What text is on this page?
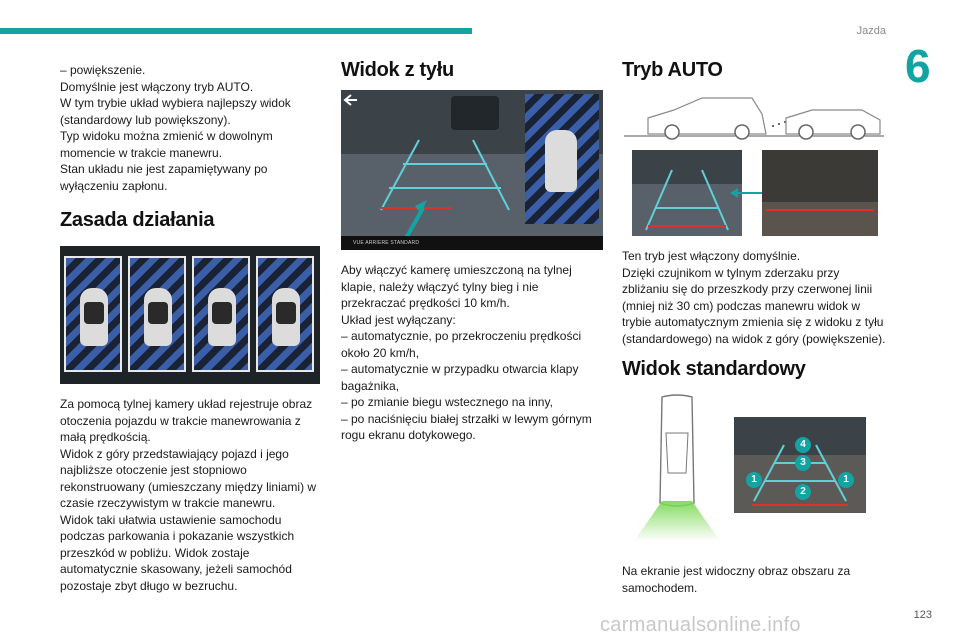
Jazda
6

– powiększenie.

Domyślnie jest włączony tryb AUTO.

W tym trybie układ wybiera najlepszy widok (standardowy lub powiększony).

Typ widoku można zmienić w dowolnym momencie w trakcie manewru.

Stan układu nie jest zapamiętywany po wyłączeniu zapłonu.

Zasada działania

Za pomocą tylnej kamery układ rejestruje obraz otoczenia pojazdu w trakcie manewrowania z małą prędkością.

Widok z góry przedstawiający pojazd i jego najbliższe otoczenie jest stopniowo rekonstruowany (umieszczany między liniami) w czasie rzeczywistym w trakcie manewru.

Widok taki ułatwia ustawienie samochodu podczas parkowania i pokazanie wszystkich przeszkód w pobliżu. Widok zostaje automatycznie skasowany, jeżeli samochód pozostaje zbyt długo w bezruchu.

Widok z tyłu
VUE ARRIERE STANDARD

Aby włączyć kamerę umieszczoną na tylnej klapie, należy włączyć tylny bieg i nie przekraczać prędkości 10 km/h.

Układ jest wyłączany:

– automatycznie, po przekroczeniu prędkości około 20 km/h,

– automatycznie w przypadku otwarcia klapy bagażnika,

– po zmianie biegu wstecznego na inny,

– po naciśnięciu białej strzałki w lewym górnym rogu ekranu dotykowego.

Tryb AUTO

Ten tryb jest włączony domyślnie.

Dzięki czujnikom w tylnym zderzaku przy zbliżaniu się do przeszkody przy czerwonej linii (mniej niż 30 cm) podczas manewru widok w trybie automatycznym zmienia się z widoku z tyłu (standardowego) na widok z góry (powiększenie).

Widok standardowy
4
3
1
2
1

Na ekranie jest widoczny obraz obszaru za samochodem.

carmanualsonline.info	123
